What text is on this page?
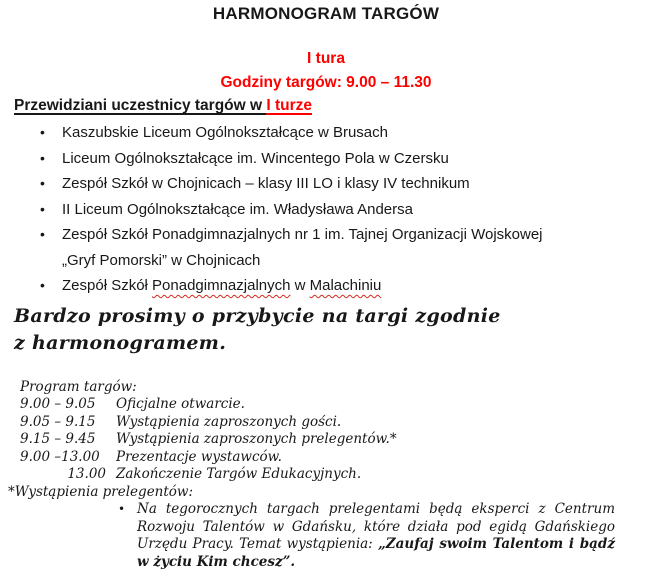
HARMONOGRAM TARGÓW
I tura
Godziny targów: 9.00 – 11.30
Przewidziani uczestnicy targów w I turze
•	Kaszubskie Liceum Ogólnokształcące w Brusach
•	Liceum Ogólnokształcące im. Wincentego Pola w Czersku
•	Zespół Szkół w Chojnicach – klasy III LO i klasy IV technikum
•	II Liceum Ogólnokształcące im. Władysława Andersa
•	Zespół Szkół Ponadgimnazjalnych nr 1 im. Tajnej Organizacji Wojskowej
„Gryf Pomorski” w Chojnicach
•	Zespół Szkół Ponadgimnazjalnych w Malachiniu
Bardzo prosimy o przybycie na targi zgodnie
z harmonogramem.
Program targów:
9.00 – 9.05	Oficjalne otwarcie.
9.05 – 9.15	Wystąpienia zaproszonych gości.
9.15 – 9.45	Wystąpienia zaproszonych prelegentów.*
9.00 –13.00	Prezentacje wystawców.
13.00 Zakończenie Targów Edukacyjnych.
*Wystąpienia prelegentów:
• Na tegorocznych targach prelegentami będą eksperci z Centrum Rozwoju Talentów w Gdańsku, które działa pod egidą Gdańskiego Urzędu Pracy. Temat wystąpienia: „Zaufaj swoim Talentom i bądź w życiu Kim chcesz”.
